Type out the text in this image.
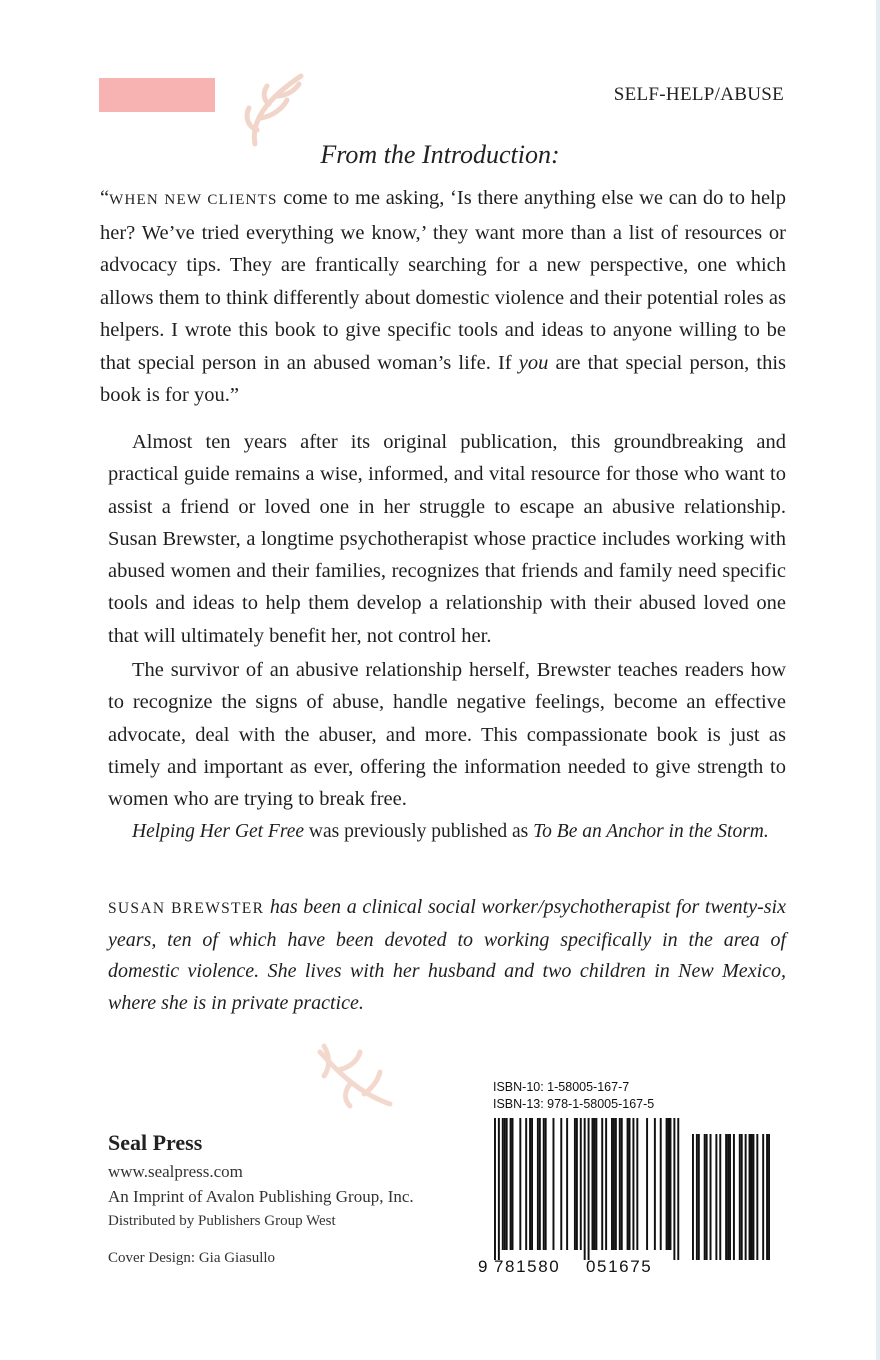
SELF-HELP/ABUSE
From the Introduction:

“WHEN NEW CLIENTS come to me asking, ‘Is there anything else we can do to help her? We’ve tried everything we know,’ they want more than a list of resources or advocacy tips. They are frantically searching for a new perspective, one which allows them to think differently about domestic violence and their potential roles as helpers. I wrote this book to give specific tools and ideas to anyone willing to be that special person in an abused woman’s life. If you are that special person, this book is for you.”

Almost ten years after its original publication, this groundbreaking and practical guide remains a wise, informed, and vital resource for those who want to assist a friend or loved one in her struggle to escape an abusive relationship. Susan Brewster, a longtime psychotherapist whose practice includes working with abused women and their families, recognizes that friends and family need specific tools and ideas to help them develop a relationship with their abused loved one that will ultimately benefit her, not control her.

The survivor of an abusive relationship herself, Brewster teaches readers how to recognize the signs of abuse, handle negative feelings, become an effective advocate, deal with the abuser, and more. This compassionate book is just as timely and important as ever, offering the information needed to give strength to women who are trying to break free.

Helping Her Get Free was previously published as To Be an Anchor in the Storm.

SUSAN BREWSTER has been a clinical social worker/psychotherapist for twenty-six years, ten of which have been devoted to working specifically in the area of domestic violence. She lives with her husband and two children in New Mexico, where she is in private practice.

Seal Press
www.sealpress.com
An Imprint of Avalon Publishing Group, Inc.
Distributed by Publishers Group West
Cover Design: Gia Giasullo
ISBN-10: 1-58005-167-7
ISBN-13: 978-1-58005-167-5
9 781580 051675
